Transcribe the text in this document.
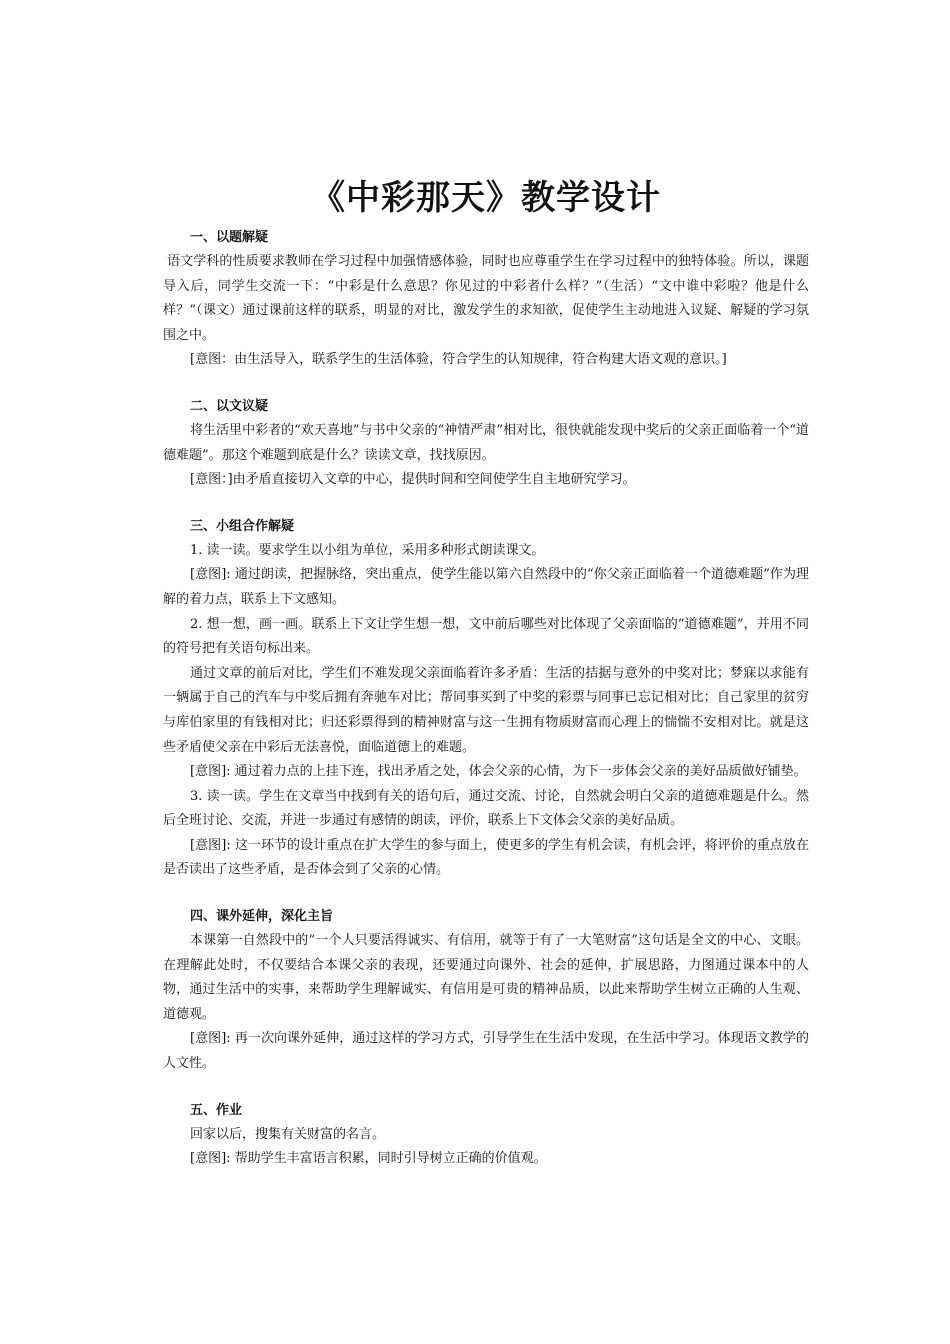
《中彩那天》教学设计

一、以题解疑

语文学科的性质要求教师在学习过程中加强情感体验，同时也应尊重学生在学习过程中的独特体验。所以，课题导入后，同学生交流一下：“中彩是什么意思？你见过的中彩者什么样？”（生活）“文中谁中彩啦？他是什么样？”（课文）通过课前这样的联系，明显的对比，激发学生的求知欲，促使学生主动地进入议疑、解疑的学习氛围之中。

[意图：由生活导入，联系学生的生活体验，符合学生的认知规律，符合构建大语文观的意识。]

二、以文议疑

将生活里中彩者的“欢天喜地”与书中父亲的“神情严肃”相对比，很快就能发现中奖后的父亲正面临着一个“道德难题”。那这个难题到底是什么？读读文章，找找原因。

[意图：]由矛盾直接切入文章的中心，提供时间和空间使学生自主地研究学习。

三、小组合作解疑

1. 读一读。要求学生以小组为单位，采用多种形式朗读课文。

[意图]: 通过朗读，把握脉络，突出重点，使学生能以第六自然段中的“你父亲正面临着一个道德难题”作为理解的着力点，联系上下文感知。

2. 想一想，画一画。联系上下文让学生想一想，文中前后哪些对比体现了父亲面临的“道德难题”，并用不同的符号把有关语句标出来。

通过文章的前后对比，学生们不难发现父亲面临着许多矛盾：生活的拮据与意外的中奖对比；梦寐以求能有一辆属于自己的汽车与中奖后拥有奔驰车对比；帮同事买到了中奖的彩票与同事已忘记相对比；自己家里的贫穷与库伯家里的有钱相对比；归还彩票得到的精神财富与这一生拥有物质财富而心理上的惴惴不安相对比。就是这些矛盾使父亲在中彩后无法喜悦，面临道德上的难题。

[意图]: 通过着力点的上挂下连，找出矛盾之处，体会父亲的心情，为下一步体会父亲的美好品质做好铺垫。

3. 读一读。学生在文章当中找到有关的语句后，通过交流、讨论，自然就会明白父亲的道德难题是什么。然后全班讨论、交流，并进一步通过有感情的朗读，评价，联系上下文体会父亲的美好品质。

[意图]: 这一环节的设计重点在扩大学生的参与面上，使更多的学生有机会读，有机会评，将评价的重点放在是否读出了这些矛盾，是否体会到了父亲的心情。

四、课外延伸，深化主旨

本课第一自然段中的“一个人只要活得诚实、有信用，就等于有了一大笔财富”这句话是全文的中心、文眼。在理解此处时，不仅要结合本课父亲的表现，还要通过向课外、社会的延伸，扩展思路，力图通过课本中的人物，通过生活中的实事，来帮助学生理解诚实、有信用是可贵的精神品质，以此来帮助学生树立正确的人生观、道德观。

[意图]: 再一次向课外延伸，通过这样的学习方式，引导学生在生活中发现，在生活中学习。体现语文教学的人文性。

五、作业

回家以后，搜集有关财富的名言。

[意图]: 帮助学生丰富语言积累，同时引导树立正确的价值观。
